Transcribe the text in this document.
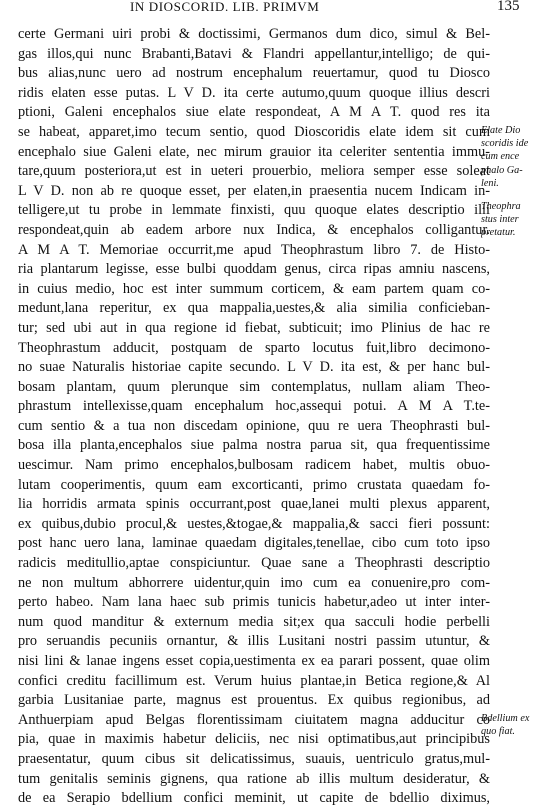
IN DIOSCORID. LIB. PRIMVM	135
certe Germani uiri probi & doctissimi, Germanos dum dico, simul & Bel-
gas illos,qui nunc Brabanti,Batavi & Flandri appellantur,intelligo; de qui-
bus alias,nunc uero ad nostrum encephalum reuertamur, quod tu Diosco
ridis elaten esse putas. L V D. ita certe autumo,quum quoque illius descri
ptioni, Galeni encephalos siue elate respondeat, A M A T. quod res ita
se habeat, apparet,imo tecum sentio, quod Dioscoridis elate idem sit cum
encephalo siue Galeni elate, nec mirum grauior ita celeriter sententia immu-
tare,quum posteriora,ut est in ueteri prouerbio, meliora semper esse soleat
L V D. non ab re quoque esset, per elaten,in praesentia nucem Indicam in-
telligere,ut tu probe in lemmate finxisti, quu quoque elates descriptio illi
respondeat,quin ab eadem arbore nux Indica, & encephalos colligantur.
A M A T. Memoriae occurrit,me apud Theophrastum libro 7. de Histo-
ria plantarum legisse, esse bulbi quoddam genus, circa ripas amniu nascens,
in cuius medio, hoc est inter summum corticem, & eam partem quam co-
medunt,lana reperitur, ex qua mappalia,uestes,& alia similia conficieban-
tur; sed ubi aut in qua regione id fiebat, subticuit; imo Plinius de hac re
Theophrastum adducit, postquam de sparto locutus fuit,libro decimono-
no suae Naturalis historiae capite secundo. L V D. ita est, & per hanc bul-
bosam plantam, quum plerunque sim contemplatus, nullam aliam Theo-
phrastum intellexisse,quam encephalum hoc,assequi potui. A M A T.te-
cum sentio & a tua non discedam opinione, quu re uera Theophrasti bul-
bosa illa planta,encephalos siue palma nostra parua sit, qua frequentissime
uescimur. Nam primo encephalos,bulbosam radicem habet, multis obuo-
lutam cooperimentis, quum eam excorticanti, primo crustata quaedam fo-
lia horridis armata spinis occurrant,post quae,lanei multi plexus apparent,
ex quibus,dubio procul,& uestes,&togae,& mappalia,& sacci fieri possunt:
post hanc uero lana, laminae quaedam digitales,tenellae, cibo cum toto ipso
radicis meditullio,aptae conspiciuntur. Quae sane a Theophrasti descriptio
ne non multum abhorrere uidentur,quin imo cum ea conuenire,pro com-
perto habeo. Nam lana haec sub primis tunicis habetur,adeo ut inter inter-
num quod manditur & externum media sit;ex qua sacculi hodie perbelli
pro seruandis pecuniis ornantur, & illis Lusitani nostri passim utuntur, &
nisi lini & lanae ingens esset copia,uestimenta ex ea parari possent, quae olim
confici creditu facillimum est. Verum huius plantae,in Betica regione,& Al
garbia Lusitaniae parte, magnus est prouentus. Ex quibus regionibus, ad
Anthuerpiam apud Belgas florentissimam ciuitatem magna adducitur co
pia, quae in maximis habetur deliciis, nec nisi optimatibus,aut principibus
praesentatur, quum cibus sit delicatissimus, suauis, uentriculo gratus,mul-
tum genitalis seminis gignens, qua ratione ab illis multum desideratur, &
de ea Serapio bdellium confici meminit, ut capite de bdellio diximus,
Elate Dio
scoridis ide
cum ence
phalo Ga-
leni.
Theophra
stus inter
pretatur.
Bdellium ex
quo fiat.
